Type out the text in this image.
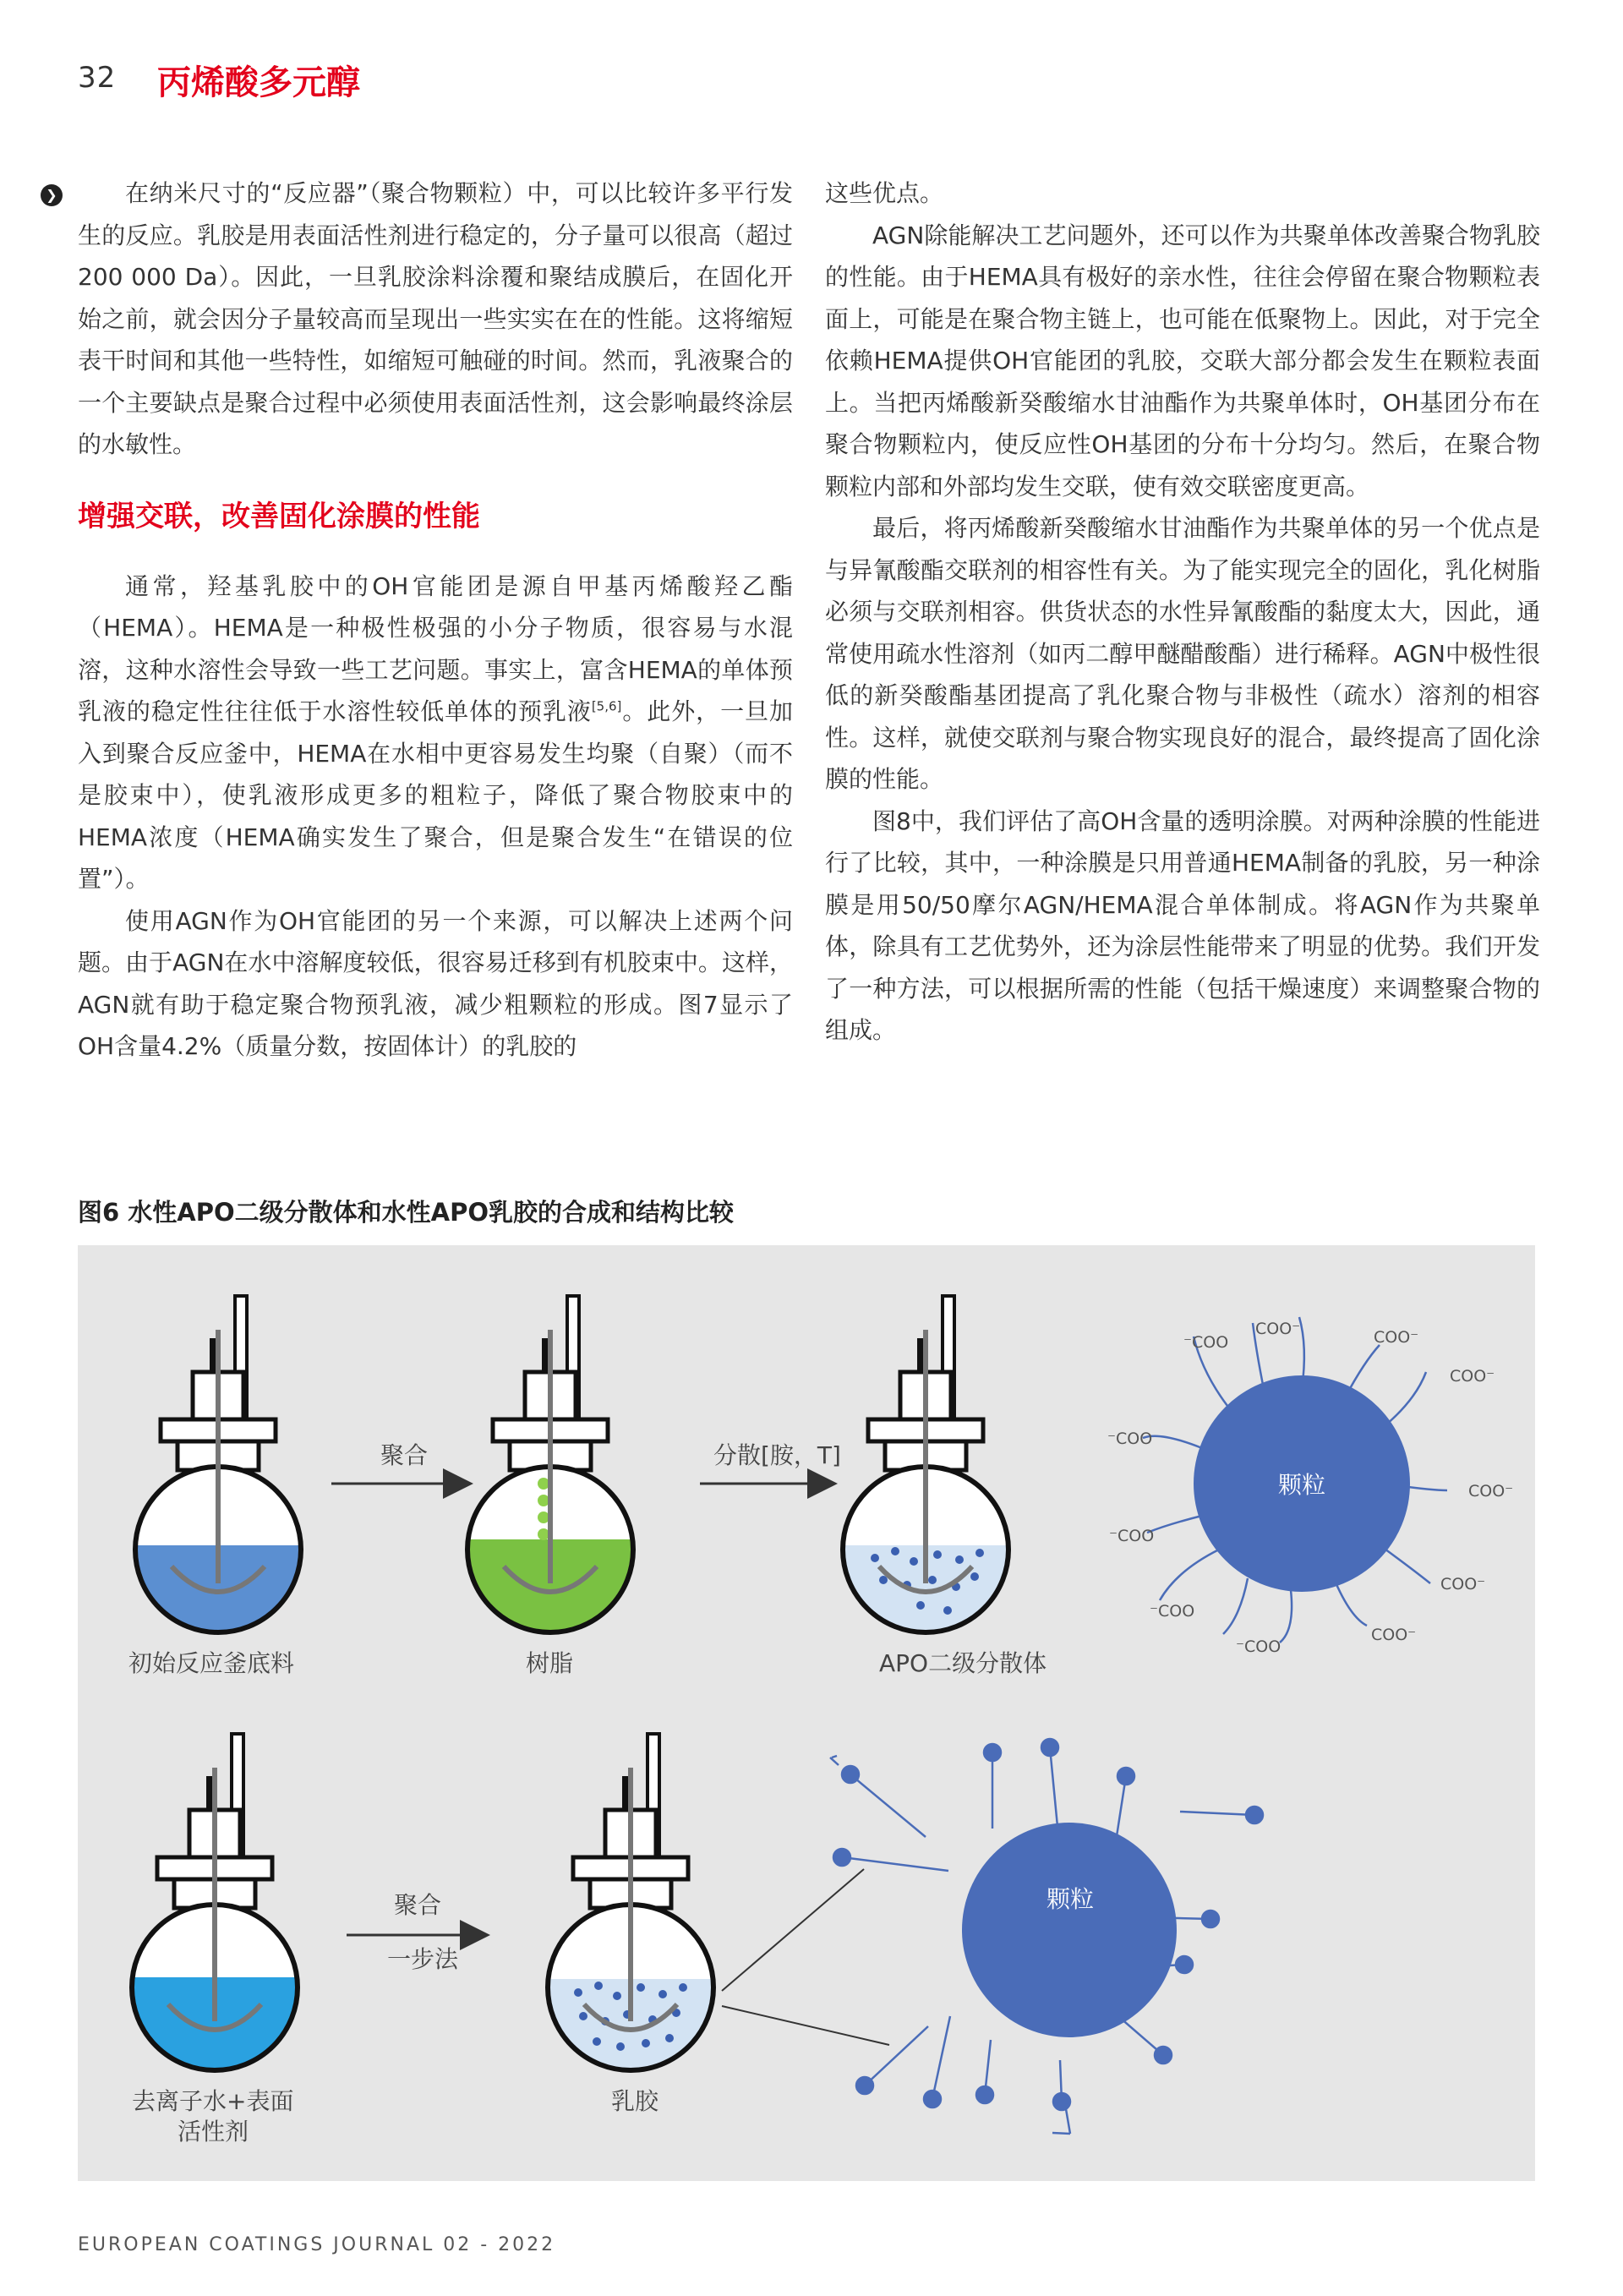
32 丙烯酸多元醇
❯	在纳米尺寸的“反应器”（聚合物颗粒）中，可以比较许多平行发生的反应。乳胶是用表面活性剂进行稳定的，分子量可以很高（超过200 000 Da）。因此，一旦乳胶涂料涂覆和聚结成膜后，在固化开始之前，就会因分子量较高而呈现出一些实实在在的性能。这将缩短表干时间和其他一些特性，如缩短可触碰的时间。然而，乳液聚合的一个主要缺点是聚合过程中必须使用表面活性剂，这会影响最终涂层的水敏性。

增强交联，改善固化涂膜的性能

通常，羟基乳胶中的OH官能团是源自甲基丙烯酸羟乙酯（HEMA）。HEMA是一种极性极强的小分子物质，很容易与水混溶，这种水溶性会导致一些工艺问题。事实上，富含HEMA的单体预乳液的稳定性往往低于水溶性较低单体的预乳液[5,6]。此外，一旦加入到聚合反应釜中，HEMA在水相中更容易发生均聚（自聚）（而不是胶束中），使乳液形成更多的粗粒子，降低了聚合物胶束中的HEMA浓度（HEMA确实发生了聚合，但是聚合发生“在错误的位置”）。

使用AGN作为OH官能团的另一个来源，可以解决上述两个问题。由于AGN在水中溶解度较低，很容易迁移到有机胶束中。这样，AGN就有助于稳定聚合物预乳液，减少粗颗粒的形成。图7显示了OH含量4.2%（质量分数，按固体计）的乳胶的

这些优点。

AGN除能解决工艺问题外，还可以作为共聚单体改善聚合物乳胶的性能。由于HEMA具有极好的亲水性，往往会停留在聚合物颗粒表面上，可能是在聚合物主链上，也可能在低聚物上。因此，对于完全依赖HEMA提供OH官能团的乳胶，交联大部分都会发生在颗粒表面上。当把丙烯酸新癸酸缩水甘油酯作为共聚单体时，OH基团分布在聚合物颗粒内，使反应性OH基团的分布十分均匀。然后，在聚合物颗粒内部和外部均发生交联，使有效交联密度更高。

最后，将丙烯酸新癸酸缩水甘油酯作为共聚单体的另一个优点是与异氰酸酯交联剂的相容性有关。为了能实现完全的固化，乳化树脂必须与交联剂相容。供货状态的水性异氰酸酯的黏度太大，因此，通常使用疏水性溶剂（如丙二醇甲醚醋酸酯）进行稀释。AGN中极性很低的新癸酸酯基团提高了乳化聚合物与非极性（疏水）溶剂的相容性。这样，就使交联剂与聚合物实现良好的混合，最终提高了固化涂膜的性能。

图8中，我们评估了高OH含量的透明涂膜。对两种涂膜的性能进行了比较，其中，一种涂膜是只用普通HEMA制备的乳胶，另一种涂膜是用50/50摩尔AGN/HEMA混合单体制成。将AGN作为共聚单体，除具有工艺优势外，还为涂层性能带来了明显的优势。我们开发了一种方法，可以根据所需的性能（包括干燥速度）来调整聚合物的组成。

图6 水性APO二级分散体和水性APO乳胶的合成和结构比较
聚合	分散[胺，T]
聚合
一步法
初始反应釜底料	树脂	APO二级分散体
去离子水+表面
活性剂
乳胶
颗粒
颗粒
COO⁻	COO⁻
COO⁻
COO⁻
COO⁻
COO⁻
⁻COO
⁻COO
⁻COO
⁻COO
⁻COO
EUROPEAN COATINGS JOURNAL 02 - 2022
